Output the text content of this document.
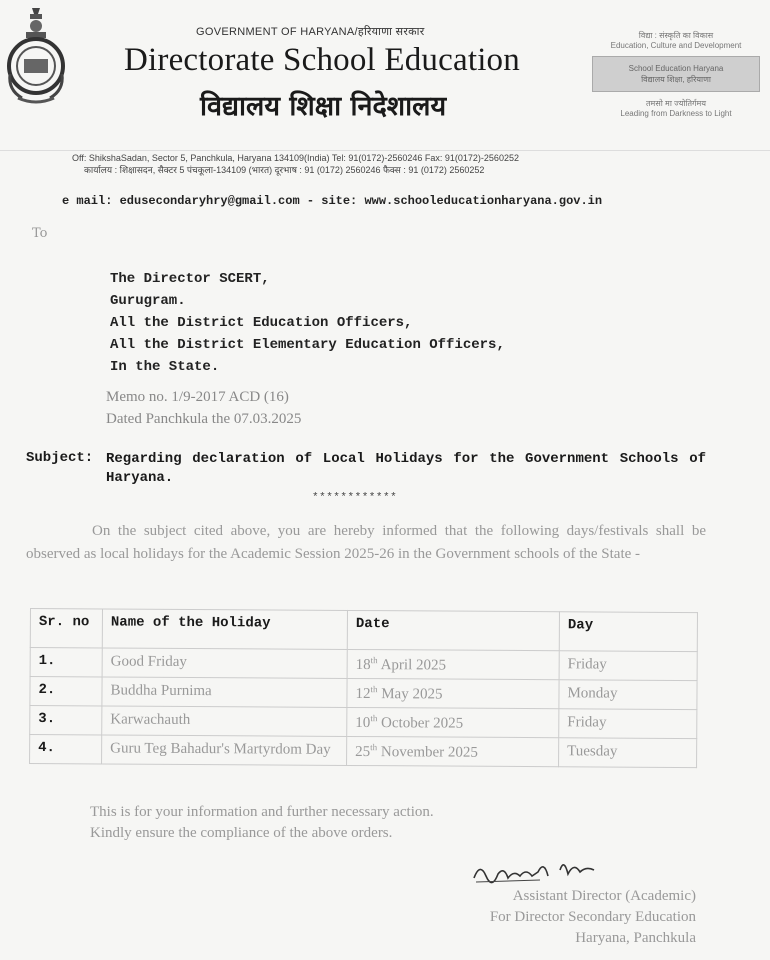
GOVERNMENT OF HARYANA/हरियाणा सरकार
Directorate School Education
विद्यालय शिक्षा निदेशालय
विद्या : संस्कृति का विकास
Education, Culture and Development
School Education Haryana
विद्यालय शिक्षा, हरियाणा
तमसो मा ज्योतिर्गमय
Leading from Darkness to Light
Off: ShikshaSadan, Sector 5, Panchkula, Haryana 134109(India) Tel: 91(0172)-2560246 Fax: 91(0172)-2560252
कार्यालय : शिक्षासदन, सैक्टर 5 पंचकूला-134109 (भारत) दूरभाष : 91 (0172) 2560246 फैक्स : 91 (0172) 2560252
e mail: edusecondaryhry@gmail.com - site: www.schooleducationharyana.gov.in
To
The Director SCERT,
Gurugram.
All the District Education Officers,
All the District Elementary Education Officers,
In the State.
Memo no. 1/9-2017 ACD (16)
Dated Panchkula the 07.03.2025
Subject: Regarding declaration of Local Holidays for the Government Schools of Haryana.
************
On the subject cited above, you are hereby informed that the following days/festivals shall be observed as local holidays for the Academic Session 2025-26 in the Government schools of the State -
Sr. no	Name of the Holiday	Date	Day
1.	Good Friday	18th April 2025	Friday
2.	Buddha Purnima	12th May 2025	Monday
3.	Karwachauth	10th October 2025	Friday
4.	Guru Teg Bahadur's Martyrdom Day	25th November 2025	Tuesday
This is for your information and further necessary action.
Kindly ensure the compliance of the above orders.
Assistant Director (Academic)
For Director Secondary Education
Haryana, Panchkula
